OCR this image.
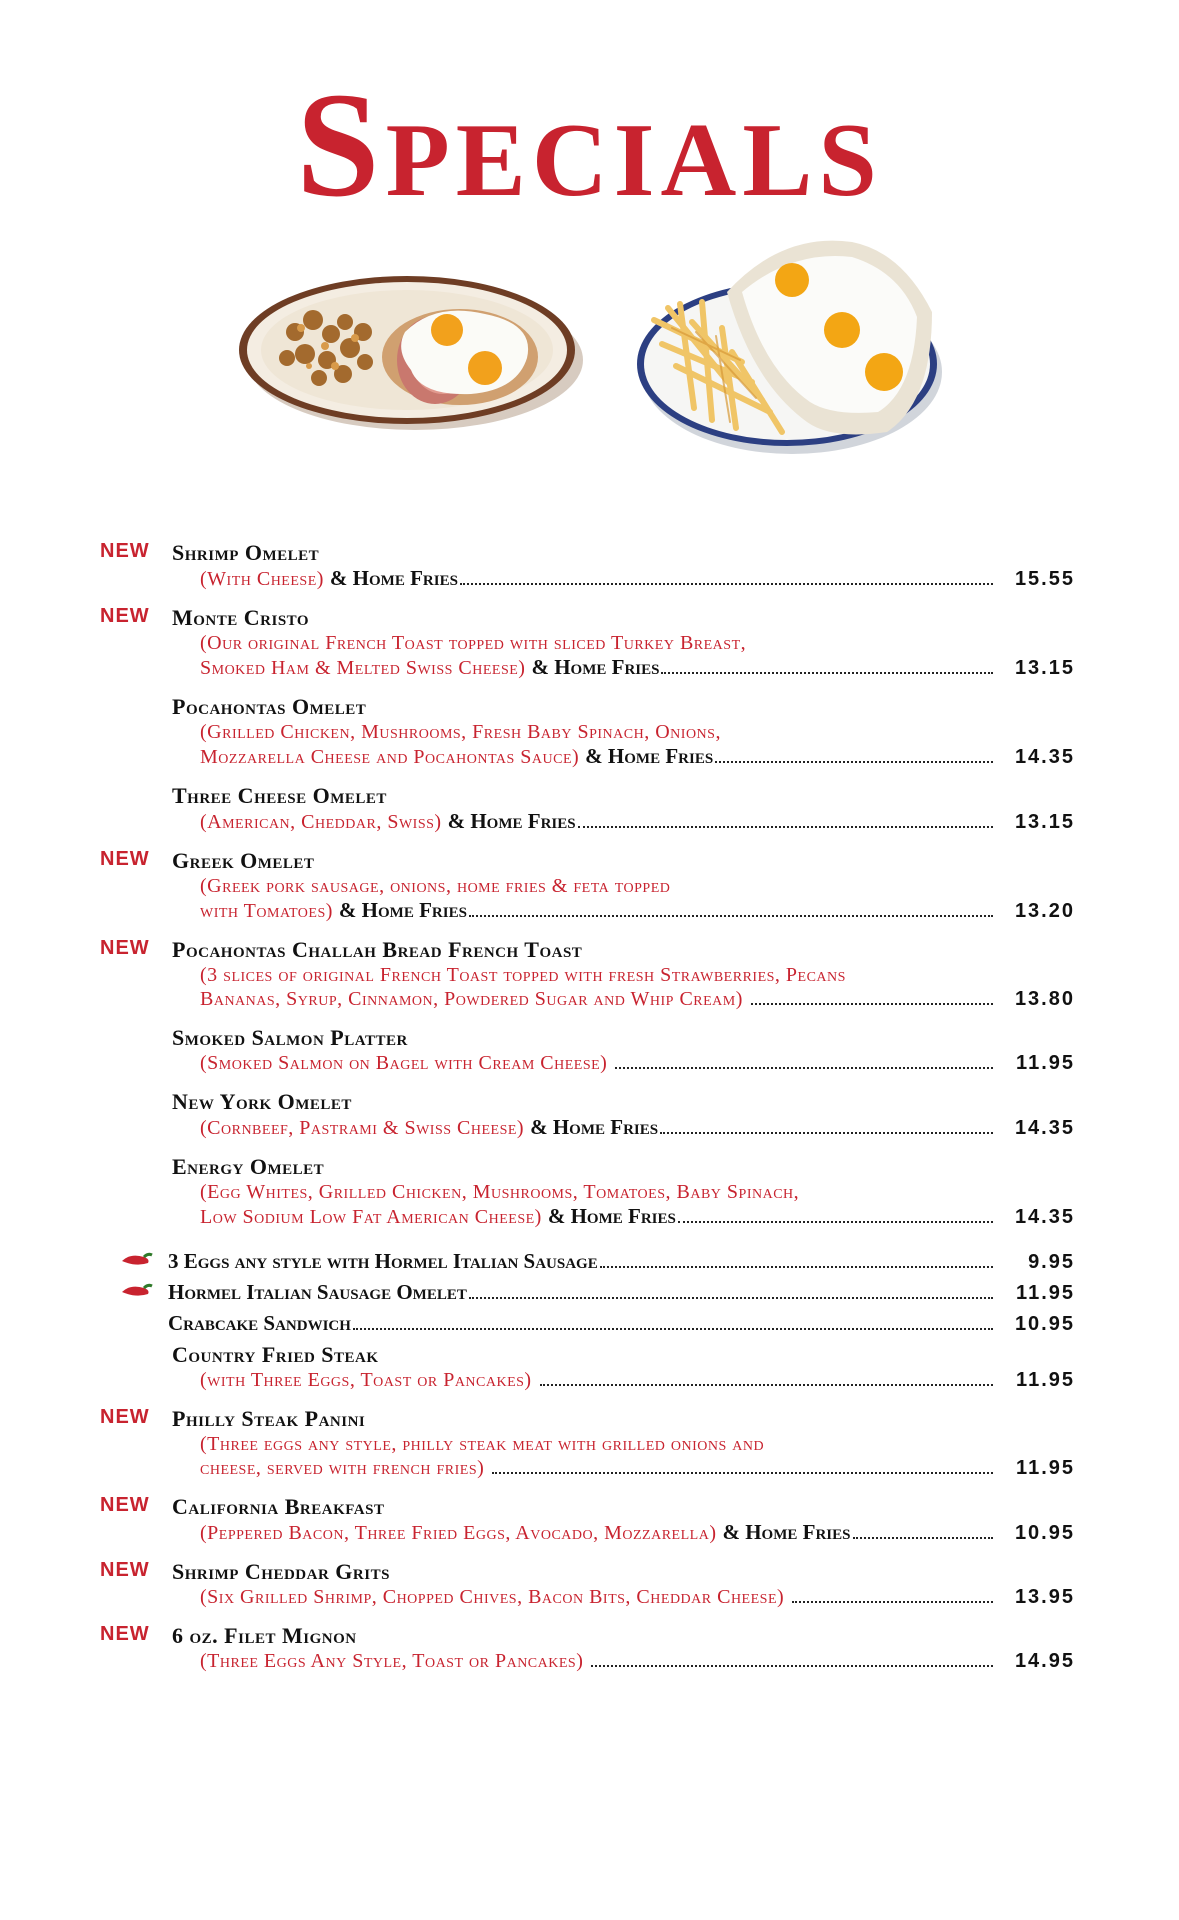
Specials
NEW Shrimp Omelet
(With Cheese) & Home Fries	15.55
NEW Monte Cristo
(Our original French Toast topped with sliced Turkey Breast,
Smoked Ham & Melted Swiss Cheese) & Home Fries	13.15
Pocahontas Omelet
(Grilled Chicken, Mushrooms, Fresh Baby Spinach, Onions,
Mozzarella Cheese and Pocahontas Sauce) & Home Fries	14.35
Three Cheese Omelet
(American, Cheddar, Swiss) & Home Fries	13.15
NEW Greek Omelet
(Greek pork sausage, onions, home fries & feta topped
with Tomatoes) & Home Fries	13.20
NEW Pocahontas Challah Bread French Toast
(3 slices of original French Toast topped with fresh Strawberries, Pecans
Bananas, Syrup, Cinnamon, Powdered Sugar and Whip Cream)	13.80
Smoked Salmon Platter
(Smoked Salmon on Bagel with Cream Cheese)	11.95
New York Omelet
(Cornbeef, Pastrami & Swiss Cheese) & Home Fries	14.35
Energy Omelet
(Egg Whites, Grilled Chicken, Mushrooms, Tomatoes, Baby Spinach,
Low Sodium Low Fat American Cheese) & Home Fries	14.35
3 Eggs any style with Hormel Italian Sausage	9.95
Hormel Italian Sausage Omelet	11.95
Crabcake Sandwich	10.95
Country Fried Steak
(with Three Eggs, Toast or Pancakes)	11.95
NEW Philly Steak Panini
(Three eggs any style, philly steak meat with grilled onions and
cheese, served with french fries)	11.95
NEW California Breakfast
(Peppered Bacon, Three Fried Eggs, Avocado, Mozzarella) & Home Fries	10.95
NEW Shrimp Cheddar Grits
(Six Grilled Shrimp, Chopped Chives, Bacon Bits, Cheddar Cheese)	13.95
NEW 6 oz. Filet Mignon
(Three Eggs Any Style, Toast or Pancakes)	14.95
